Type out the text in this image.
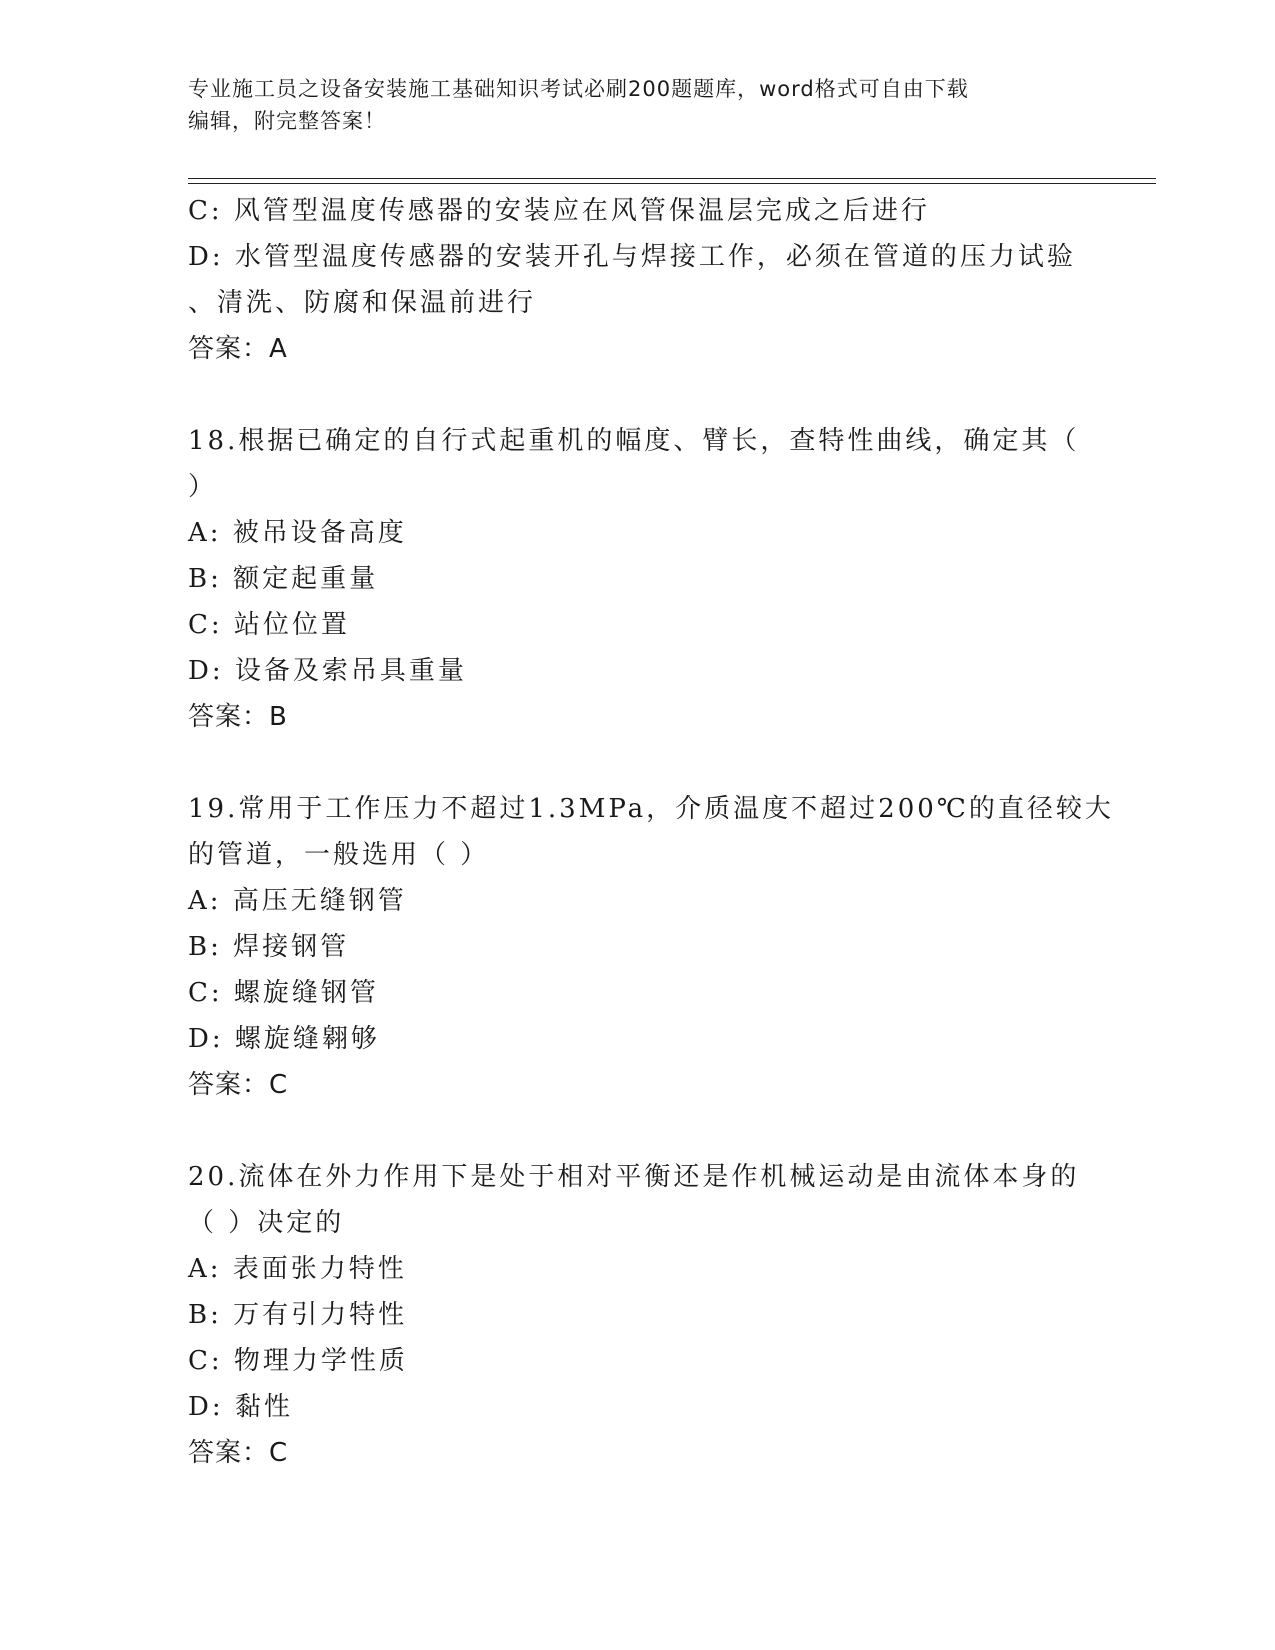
专业施工员之设备安装施工基础知识考试必刷200题题库，word格式可自由下载
编辑，附完整答案！
C: 风管型温度传感器的安装应在风管保温层完成之后进行
D: 水管型温度传感器的安装开孔与焊接工作，必须在管道的压力试验
、清洗、防腐和保温前进行
答案：A
18.根据已确定的自行式起重机的幅度、臂长，查特性曲线，确定其（
）
A: 被吊设备高度
B: 额定起重量
C: 站位位置
D: 设备及索吊具重量
答案：B
19.常用于工作压力不超过1.3MPa，介质温度不超过200℃的直径较大
的管道，一般选用（ ）
A: 高压无缝钢管
B: 焊接钢管
C: 螺旋缝钢管
D: 螺旋缝翱够
答案：C
20.流体在外力作用下是处于相对平衡还是作机械运动是由流体本身的
（ ）决定的
A: 表面张力特性
B: 万有引力特性
C: 物理力学性质
D: 黏性
答案：C
